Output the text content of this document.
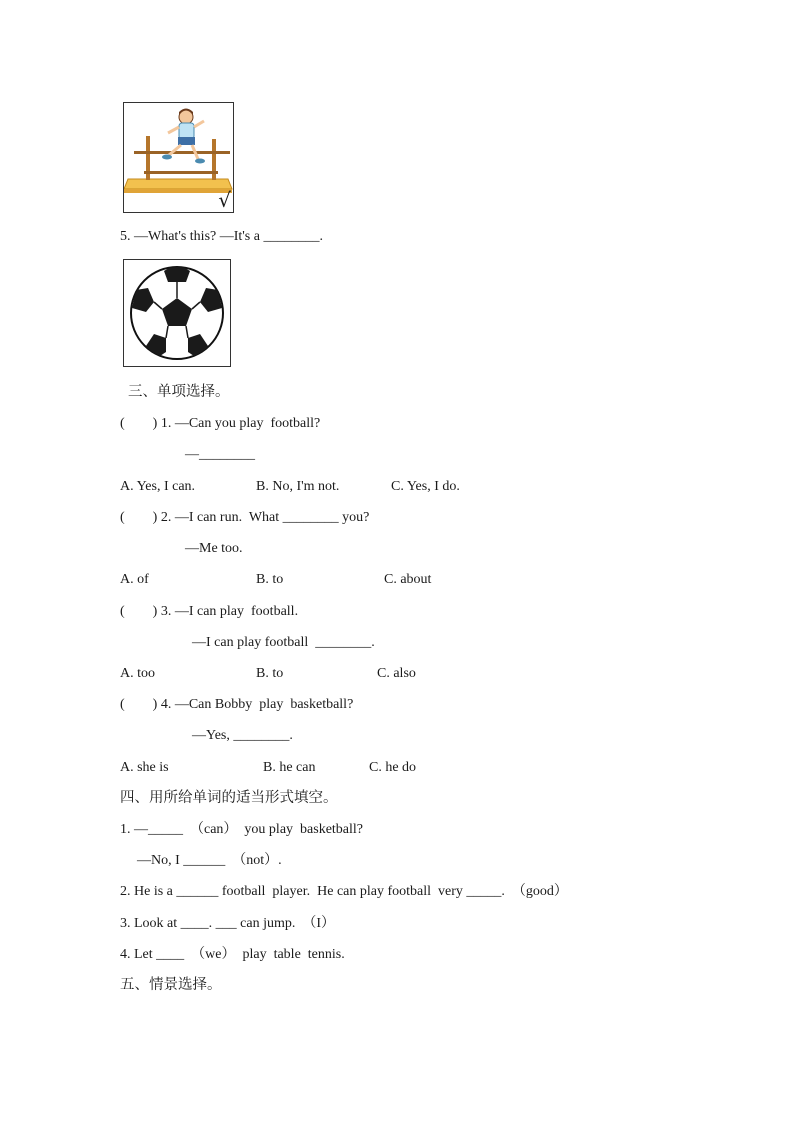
√
5. —What's this? —It's a ________.
三、单项选择。
(        ) 1. —Can you play  football?
—________
A. Yes, I can.	B. No, I'm not.	C. Yes, I do.
(        ) 2. —I can run.  What ________ you?
—Me too.
A. of	B. to	C. about
(        ) 3. —I can play  football.
—I can play football  ________.
A. too	B. to	C. also
(        ) 4. —Can Bobby  play  basketball?
—Yes, ________.
A. she is	B. he can	C. he do
四、用所给单词的适当形式填空。
1. —_____  （can）  you play  basketball?
—No, I ______  （not）.
2. He is a ______ football  player.  He can play football  very _____.  （good）
3. Look at ____. ___ can jump.  （I）
4. Let ____  （we）  play  table  tennis.
五、情景选择。
